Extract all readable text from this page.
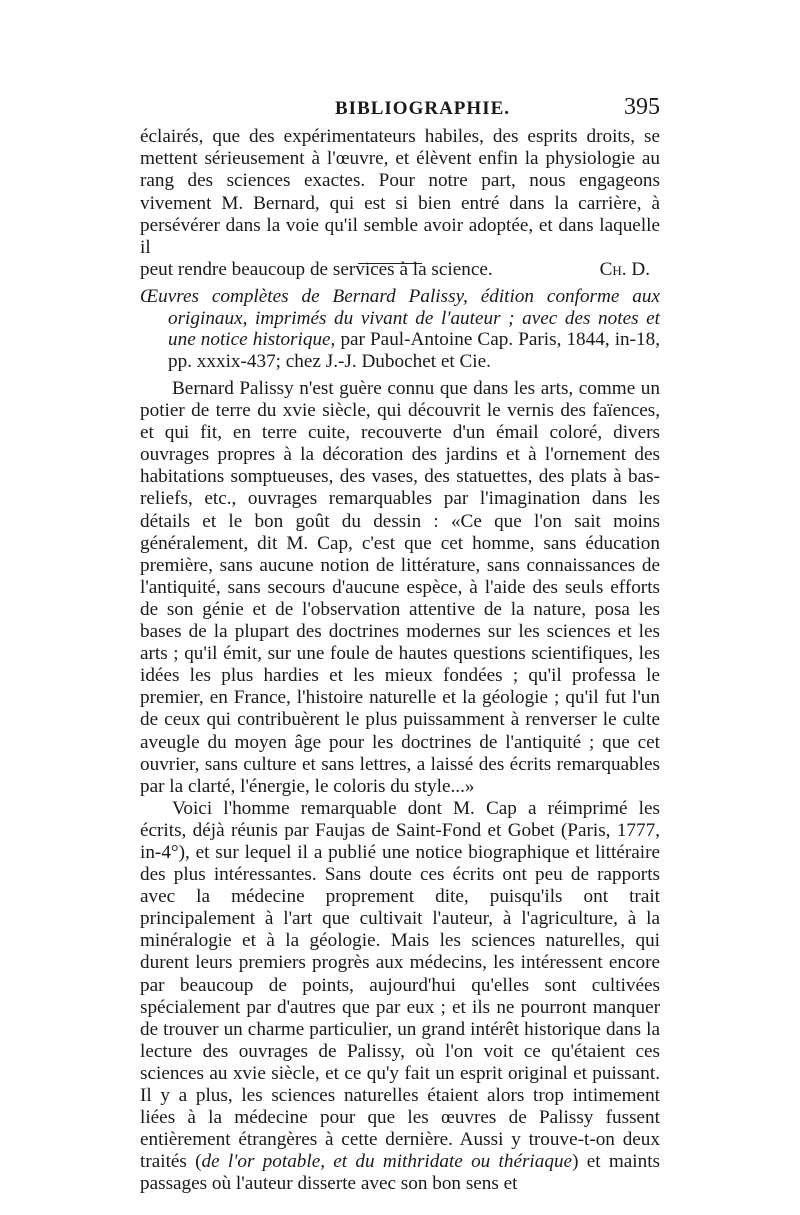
BIBLIOGRAPHIE.	395

éclairés, que des expérimentateurs habiles, des esprits droits, se mettent sérieusement à l'œuvre, et élèvent enfin la physiologie au rang des sciences exactes. Pour notre part, nous engageons vivement M. Bernard, qui est si bien entré dans la carrière, à persévérer dans la voie qu'il semble avoir adoptée, et dans laquelle il

peut rendre beaucoup de services à la science.	Ch. D.

Œuvres complètes de Bernard Palissy, édition conforme aux originaux, imprimés du vivant de l'auteur ; avec des notes et une notice historique, par Paul-Antoine Cap. Paris, 1844, in-18, pp. xxxix-437; chez J.-J. Dubochet et Cie.

Bernard Palissy n'est guère connu que dans les arts, comme un potier de terre du xvie siècle, qui découvrit le vernis des faïences, et qui fit, en terre cuite, recouverte d'un émail coloré, divers ouvrages propres à la décoration des jardins et à l'ornement des habitations somptueuses, des vases, des statuettes, des plats à bas-reliefs, etc., ouvrages remarquables par l'imagination dans les détails et le bon goût du dessin : «Ce que l'on sait moins généralement, dit M. Cap, c'est que cet homme, sans éducation première, sans aucune notion de littérature, sans connaissances de l'antiquité, sans secours d'aucune espèce, à l'aide des seuls efforts de son génie et de l'observation attentive de la nature, posa les bases de la plupart des doctrines modernes sur les sciences et les arts ; qu'il émit, sur une foule de hautes questions scientifiques, les idées les plus hardies et les mieux fondées ; qu'il professa le premier, en France, l'histoire naturelle et la géologie ; qu'il fut l'un de ceux qui contribuèrent le plus puissamment à renverser le culte aveugle du moyen âge pour les doctrines de l'antiquité ; que cet ouvrier, sans culture et sans lettres, a laissé des écrits remarquables par la clarté, l'énergie, le coloris du style...»

Voici l'homme remarquable dont M. Cap a réimprimé les écrits, déjà réunis par Faujas de Saint-Fond et Gobet (Paris, 1777, in-4°), et sur lequel il a publié une notice biographique et littéraire des plus intéressantes. Sans doute ces écrits ont peu de rapports avec la médecine proprement dite, puisqu'ils ont trait principalement à l'art que cultivait l'auteur, à l'agriculture, à la minéralogie et à la géologie. Mais les sciences naturelles, qui durent leurs premiers progrès aux médecins, les intéressent encore par beaucoup de points, aujourd'hui qu'elles sont cultivées spécialement par d'autres que par eux ; et ils ne pourront manquer de trouver un charme particulier, un grand intérêt historique dans la lecture des ouvrages de Palissy, où l'on voit ce qu'étaient ces sciences au xvie siècle, et ce qu'y fait un esprit original et puissant. Il y a plus, les sciences naturelles étaient alors trop intimement liées à la médecine pour que les œuvres de Palissy fussent entièrement étrangères à cette dernière. Aussi y trouve-t-on deux traités (de l'or potable, et du mithridate ou thériaque) et maints passages où l'auteur disserte avec son bon sens et
